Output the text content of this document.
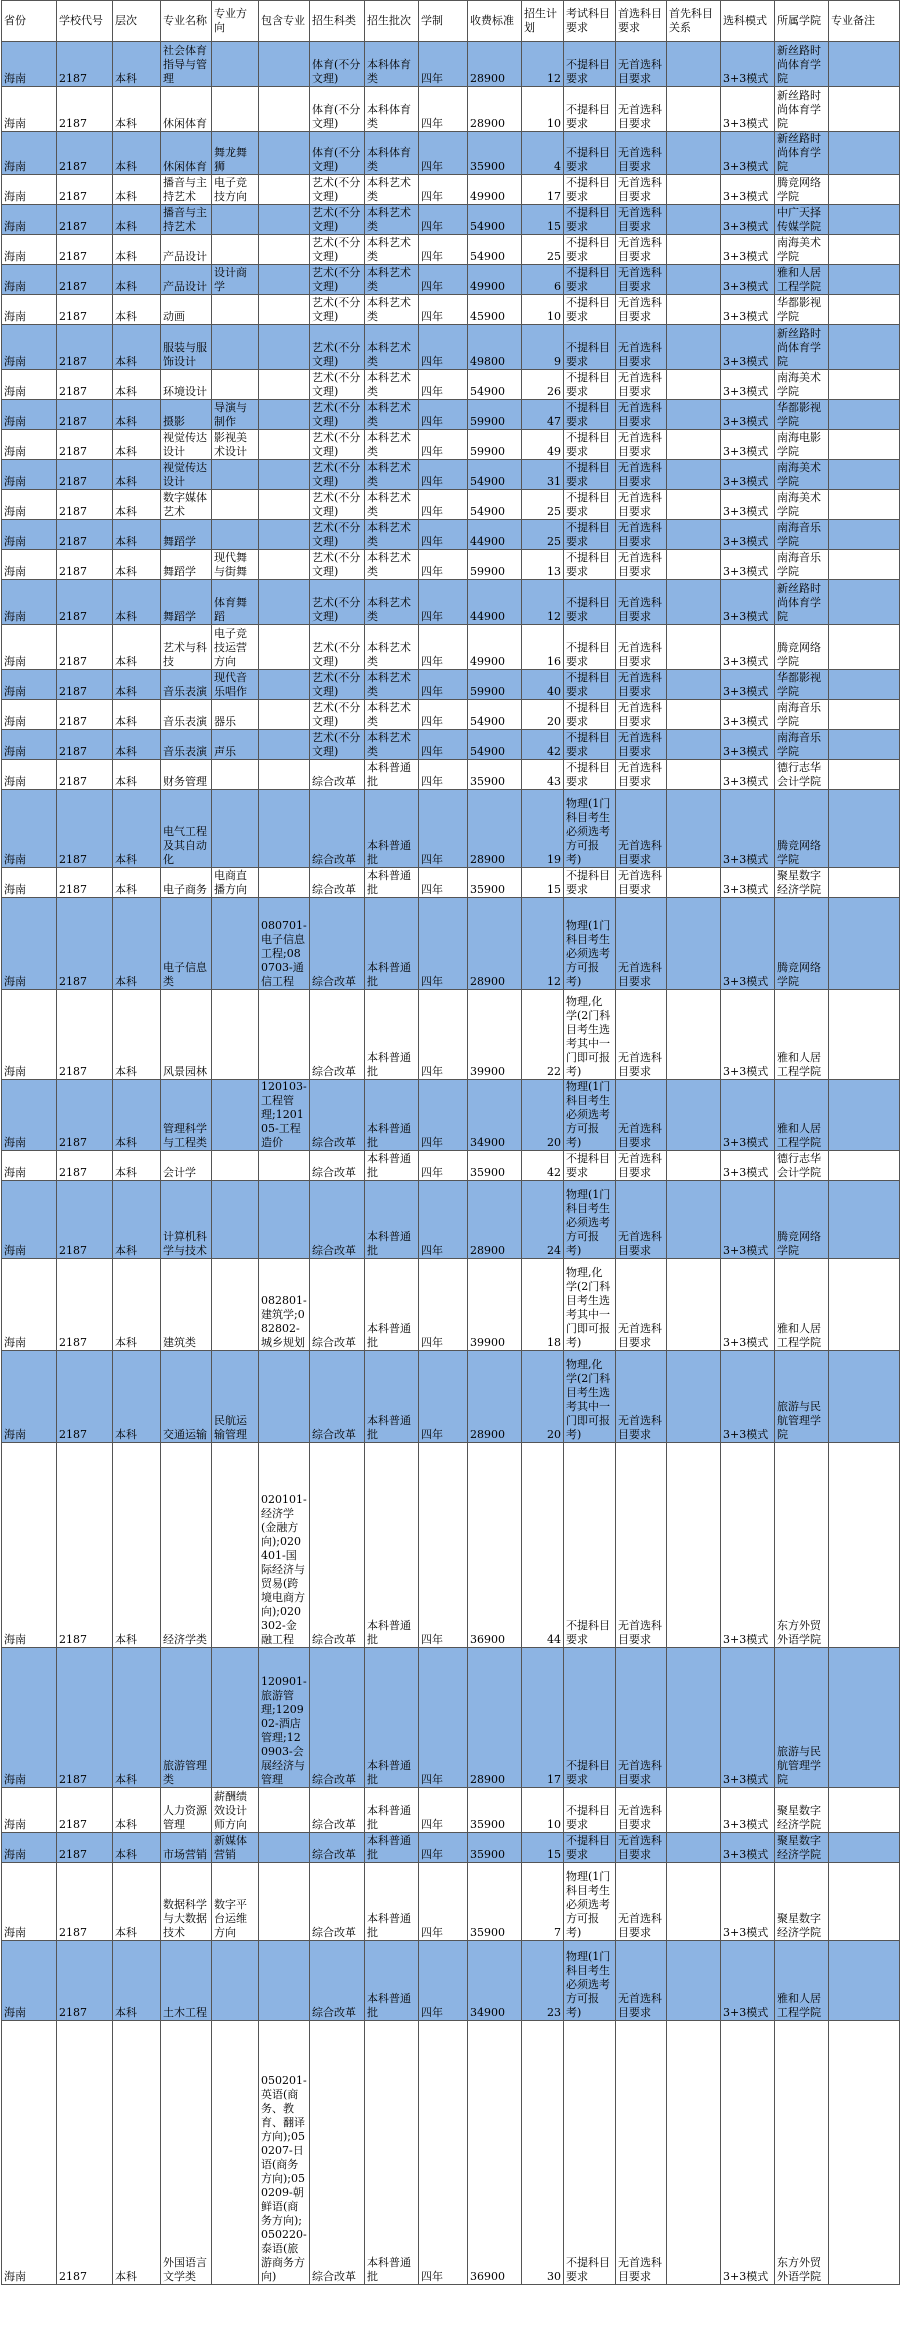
省份	学校代号	层次	专业名称	专业方向	包含专业	招生科类	招生批次	学制	收费标准	招生计划	考试科目要求	首选科目要求	首先科目关系	选科模式	所属学院	专业备注
海南	2187	本科	社会体育指导与管理			体育(不分文理)	本科体育类	四年	28900	12	不提科目要求	无首选科目要求		3+3模式	新丝路时尚体育学院	
海南	2187	本科	休闲体育			体育(不分文理)	本科体育类	四年	28900	10	不提科目要求	无首选科目要求		3+3模式	新丝路时尚体育学院	
海南	2187	本科	休闲体育	舞龙舞狮		体育(不分文理)	本科体育类	四年	35900	4	不提科目要求	无首选科目要求		3+3模式	新丝路时尚体育学院	
海南	2187	本科	播音与主持艺术	电子竞技方向		艺术(不分文理)	本科艺术类	四年	49900	17	不提科目要求	无首选科目要求		3+3模式	腾竞网络学院	
海南	2187	本科	播音与主持艺术			艺术(不分文理)	本科艺术类	四年	54900	15	不提科目要求	无首选科目要求		3+3模式	中广天择传媒学院	
海南	2187	本科	产品设计			艺术(不分文理)	本科艺术类	四年	54900	25	不提科目要求	无首选科目要求		3+3模式	南海美术学院	
海南	2187	本科	产品设计	设计商学		艺术(不分文理)	本科艺术类	四年	49900	6	不提科目要求	无首选科目要求		3+3模式	雅和人居工程学院	
海南	2187	本科	动画			艺术(不分文理)	本科艺术类	四年	45900	10	不提科目要求	无首选科目要求		3+3模式	华都影视学院	
海南	2187	本科	服装与服饰设计			艺术(不分文理)	本科艺术类	四年	49800	9	不提科目要求	无首选科目要求		3+3模式	新丝路时尚体育学院	
海南	2187	本科	环境设计			艺术(不分文理)	本科艺术类	四年	54900	26	不提科目要求	无首选科目要求		3+3模式	南海美术学院	
海南	2187	本科	摄影	导演与制作		艺术(不分文理)	本科艺术类	四年	59900	47	不提科目要求	无首选科目要求		3+3模式	华都影视学院	
海南	2187	本科	视觉传达设计	影视美术设计		艺术(不分文理)	本科艺术类	四年	59900	49	不提科目要求	无首选科目要求		3+3模式	南海电影学院	
海南	2187	本科	视觉传达设计			艺术(不分文理)	本科艺术类	四年	54900	31	不提科目要求	无首选科目要求		3+3模式	南海美术学院	
海南	2187	本科	数字媒体艺术			艺术(不分文理)	本科艺术类	四年	54900	25	不提科目要求	无首选科目要求		3+3模式	南海美术学院	
海南	2187	本科	舞蹈学			艺术(不分文理)	本科艺术类	四年	44900	25	不提科目要求	无首选科目要求		3+3模式	南海音乐学院	
海南	2187	本科	舞蹈学	现代舞与街舞		艺术(不分文理)	本科艺术类	四年	59900	13	不提科目要求	无首选科目要求		3+3模式	南海音乐学院	
海南	2187	本科	舞蹈学	体育舞蹈		艺术(不分文理)	本科艺术类	四年	44900	12	不提科目要求	无首选科目要求		3+3模式	新丝路时尚体育学院	
海南	2187	本科	艺术与科技	电子竞技运营方向		艺术(不分文理)	本科艺术类	四年	49900	16	不提科目要求	无首选科目要求		3+3模式	腾竞网络学院	
海南	2187	本科	音乐表演	现代音乐唱作		艺术(不分文理)	本科艺术类	四年	59900	40	不提科目要求	无首选科目要求		3+3模式	华都影视学院	
海南	2187	本科	音乐表演	器乐		艺术(不分文理)	本科艺术类	四年	54900	20	不提科目要求	无首选科目要求		3+3模式	南海音乐学院	
海南	2187	本科	音乐表演	声乐		艺术(不分文理)	本科艺术类	四年	54900	42	不提科目要求	无首选科目要求		3+3模式	南海音乐学院	
海南	2187	本科	财务管理			综合改革	本科普通批	四年	35900	43	不提科目要求	无首选科目要求		3+3模式	德行志华会计学院	
海南	2187	本科	电气工程及其自动化			综合改革	本科普通批	四年	28900	19	物理(1门科目考生必须选考方可报考)	无首选科目要求		3+3模式	腾竞网络学院	
海南	2187	本科	电子商务	电商直播方向		综合改革	本科普通批	四年	35900	15	不提科目要求	无首选科目要求		3+3模式	聚星数字经济学院	
海南	2187	本科	电子信息类		080701-电子信息工程;080703-通信工程	综合改革	本科普通批	四年	28900	12	物理(1门科目考生必须选考方可报考)	无首选科目要求		3+3模式	腾竞网络学院	
海南	2187	本科	风景园林			综合改革	本科普通批	四年	39900	22	物理,化学(2门科目考生选考其中一门即可报考)	无首选科目要求		3+3模式	雅和人居工程学院	
海南	2187	本科	管理科学与工程类		120103-工程管理;120105-工程造价	综合改革	本科普通批	四年	34900	20	物理(1门科目考生必须选考方可报考)	无首选科目要求		3+3模式	雅和人居工程学院	
海南	2187	本科	会计学			综合改革	本科普通批	四年	35900	42	不提科目要求	无首选科目要求		3+3模式	德行志华会计学院	
海南	2187	本科	计算机科学与技术			综合改革	本科普通批	四年	28900	24	物理(1门科目考生必须选考方可报考)	无首选科目要求		3+3模式	腾竞网络学院	
海南	2187	本科	建筑类		082801-建筑学;082802-城乡规划	综合改革	本科普通批	四年	39900	18	物理,化学(2门科目考生选考其中一门即可报考)	无首选科目要求		3+3模式	雅和人居工程学院	
海南	2187	本科	交通运输	民航运输管理		综合改革	本科普通批	四年	28900	20	物理,化学(2门科目考生选考其中一门即可报考)	无首选科目要求		3+3模式	旅游与民航管理学院	
海南	2187	本科	经济学类		020101-经济学(金融方向);020401-国际经济与贸易(跨境电商方向);020302-金融工程	综合改革	本科普通批	四年	36900	44	不提科目要求	无首选科目要求		3+3模式	东方外贸外语学院	
海南	2187	本科	旅游管理类		120901-旅游管理;120902-酒店管理;120903-会展经济与管理	综合改革	本科普通批	四年	28900	17	不提科目要求	无首选科目要求		3+3模式	旅游与民航管理学院	
海南	2187	本科	人力资源管理	薪酬绩效设计师方向		综合改革	本科普通批	四年	35900	10	不提科目要求	无首选科目要求		3+3模式	聚星数字经济学院	
海南	2187	本科	市场营销	新媒体营销		综合改革	本科普通批	四年	35900	15	不提科目要求	无首选科目要求		3+3模式	聚星数字经济学院	
海南	2187	本科	数据科学与大数据技术	数字平台运维方向		综合改革	本科普通批	四年	35900	7	物理(1门科目考生必须选考方可报考)	无首选科目要求		3+3模式	聚星数字经济学院	
海南	2187	本科	土木工程			综合改革	本科普通批	四年	34900	23	物理(1门科目考生必须选考方可报考)	无首选科目要求		3+3模式	雅和人居工程学院	
海南	2187	本科	外国语言文学类		050201-英语(商务、教育、翻译方向);050207-日语(商务方向);050209-朝鲜语(商务方向);050220-泰语(旅游商务方向)	综合改革	本科普通批	四年	36900	30	不提科目要求	无首选科目要求		3+3模式	东方外贸外语学院	
